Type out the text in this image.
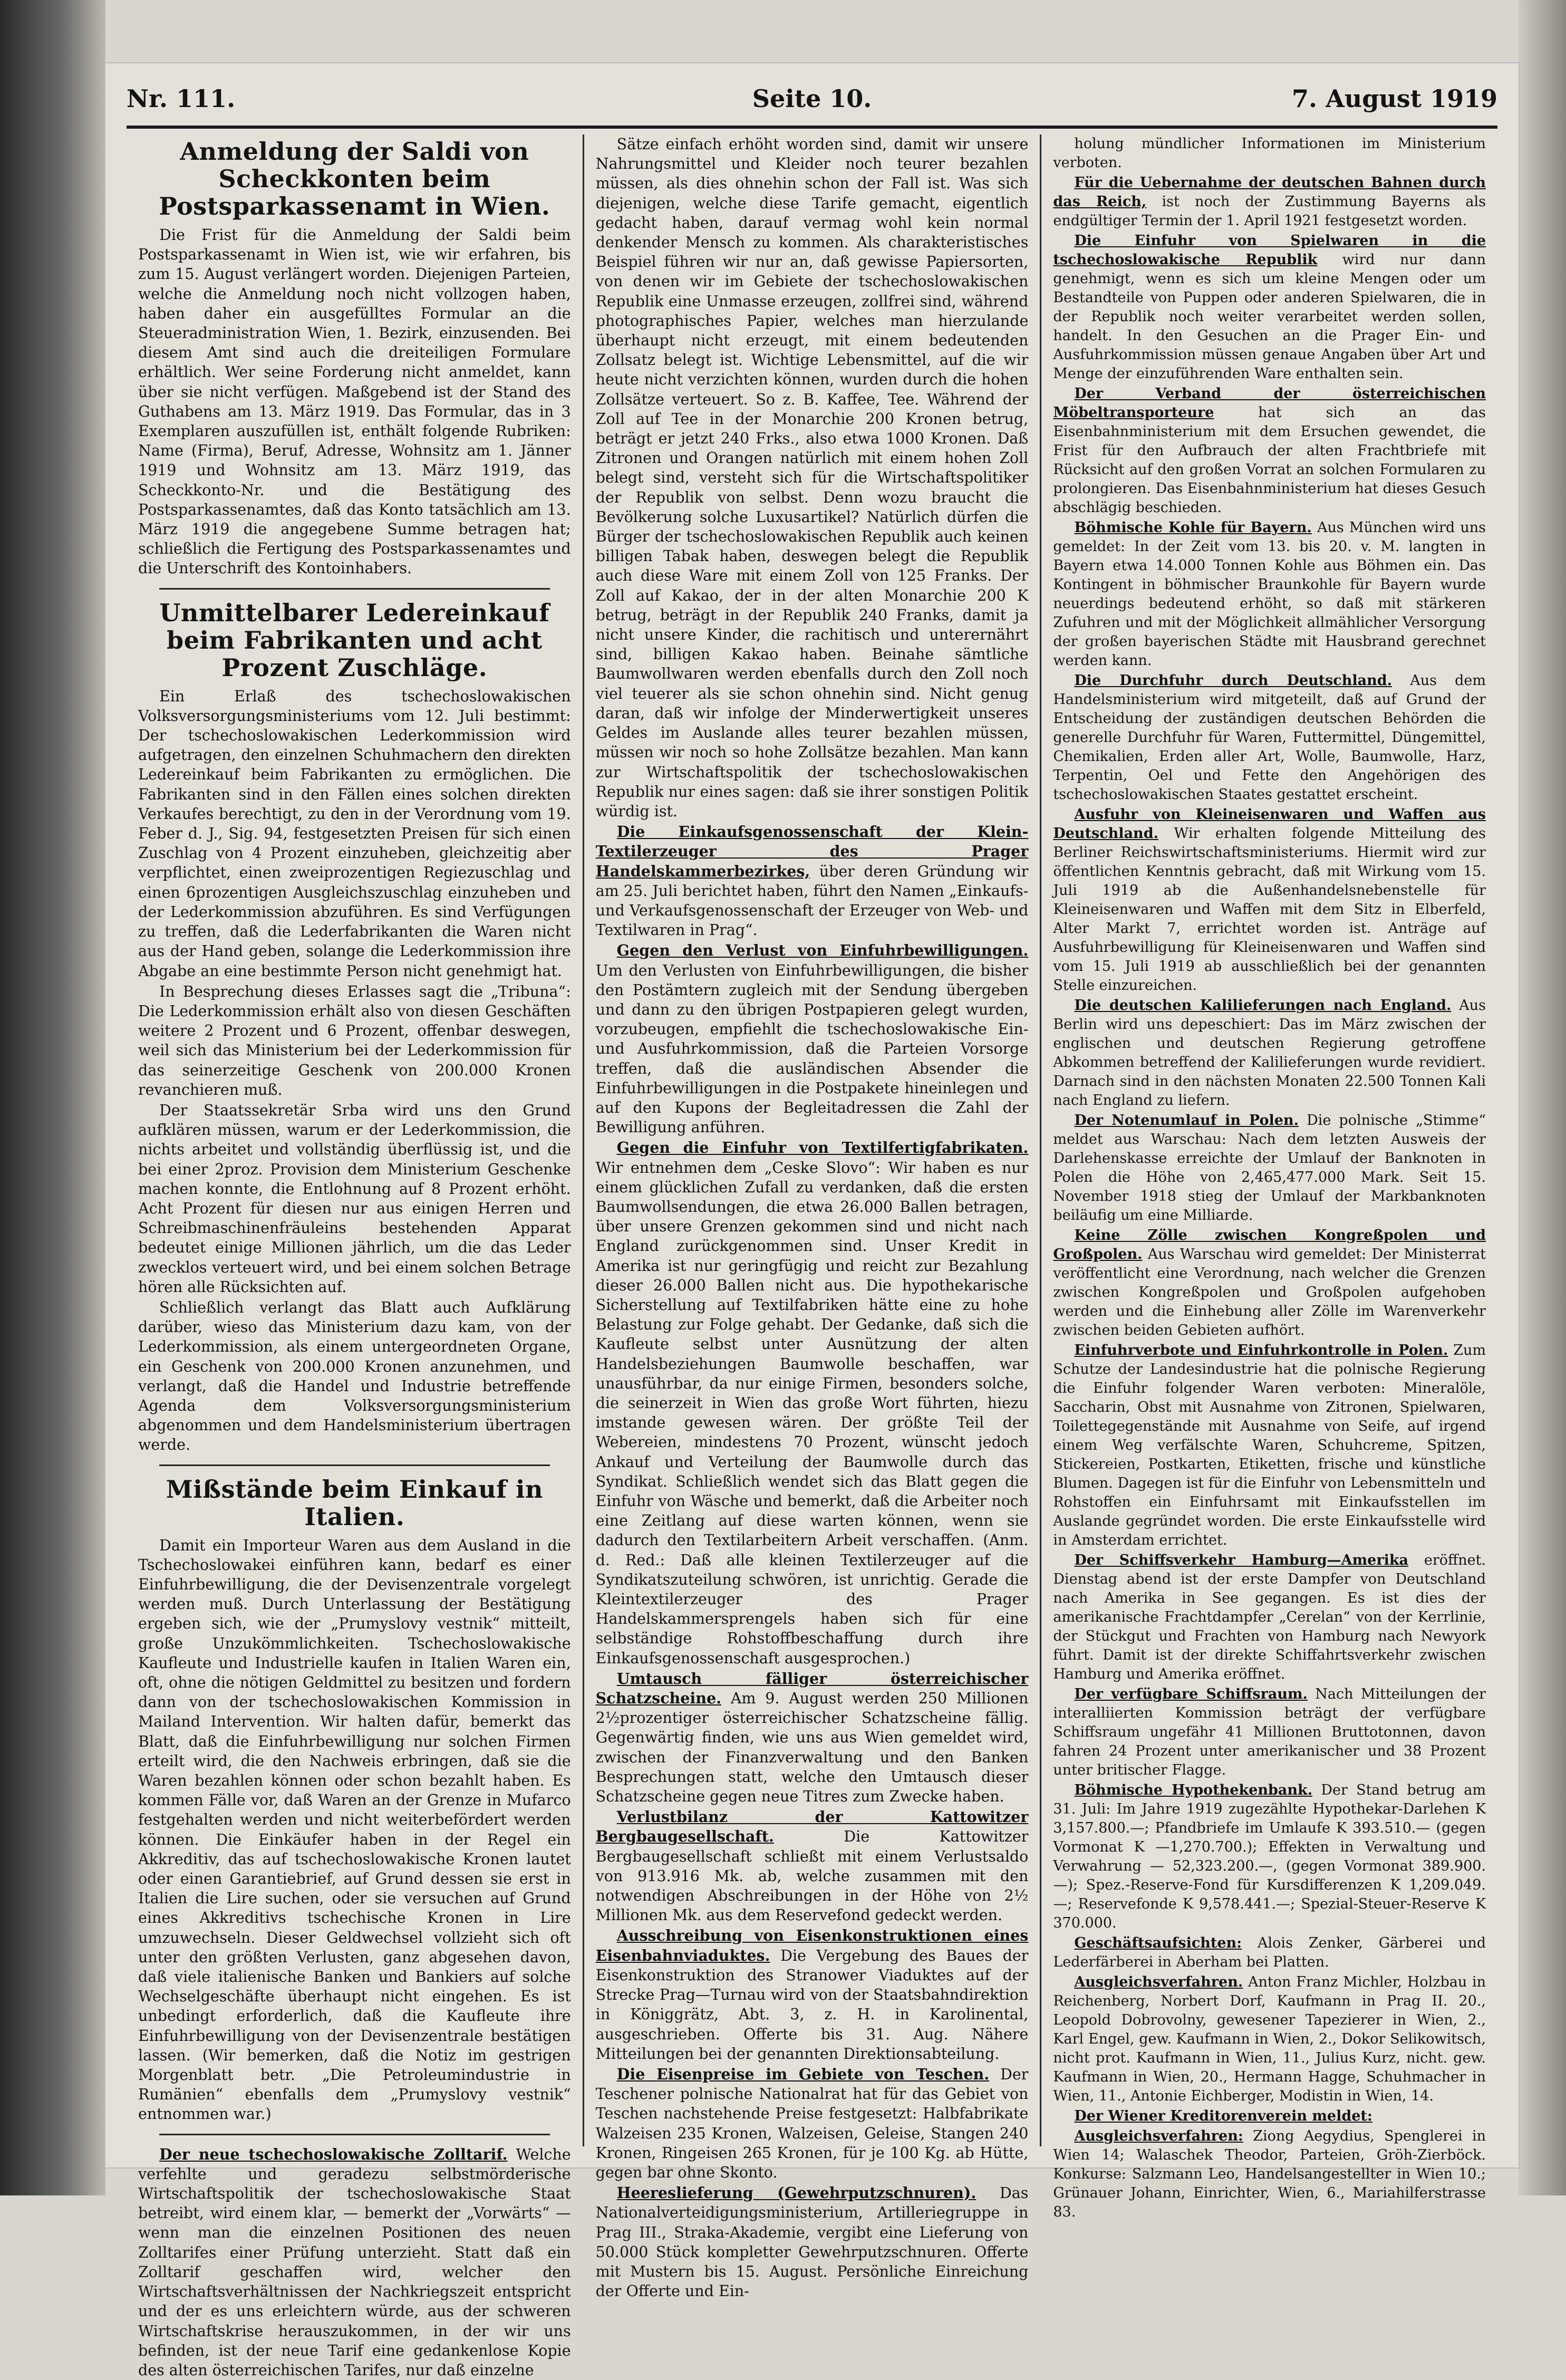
Nr. 111.	Seite 10.	7. August 1919
Anmeldung der Saldi von Scheckkonten beim Postsparkassenamt in Wien.

Die Frist für die Anmeldung der Saldi beim Postsparkassenamt in Wien ist, wie wir erfahren, bis zum 15. August verlängert worden. Diejenigen Parteien, welche die Anmeldung noch nicht vollzogen haben, haben daher ein ausgefülltes Formular an die Steueradministration Wien, 1. Bezirk, einzusenden. Bei diesem Amt sind auch die dreiteiligen Formulare erhältlich. Wer seine Forderung nicht anmeldet, kann über sie nicht verfügen. Maßgebend ist der Stand des Guthabens am 13. März 1919. Das Formular, das in 3 Exemplaren auszufüllen ist, enthält folgende Rubriken: Name (Firma), Beruf, Adresse, Wohnsitz am 1. Jänner 1919 und Wohnsitz am 13. März 1919, das Scheckkonto-Nr. und die Bestätigung des Postsparkassenamtes, daß das Konto tatsächlich am 13. März 1919 die angegebene Summe betragen hat; schließlich die Fertigung des Postsparkassenamtes und die Unterschrift des Kontoinhabers.

Unmittelbarer Ledereinkauf beim Fabrikanten und acht Prozent Zuschläge.

Ein Erlaß des tschechoslowakischen Volksversorgungsministeriums vom 12. Juli bestimmt: Der tschechoslowakischen Lederkommission wird aufgetragen, den einzelnen Schuhmachern den direkten Ledereinkauf beim Fabrikanten zu ermöglichen. Die Fabrikanten sind in den Fällen eines solchen direkten Verkaufes berechtigt, zu den in der Verordnung vom 19. Feber d. J., Sig. 94, festgesetzten Preisen für sich einen Zuschlag von 4 Prozent einzuheben, gleichzeitig aber verpflichtet, einen zweiprozentigen Regiezuschlag und einen 6prozentigen Ausgleichszuschlag einzuheben und der Lederkommission abzuführen. Es sind Verfügungen zu treffen, daß die Lederfabrikanten die Waren nicht aus der Hand geben, solange die Lederkommission ihre Abgabe an eine bestimmte Person nicht genehmigt hat.

In Besprechung dieses Erlasses sagt die „Tribuna“: Die Lederkommission erhält also von diesen Geschäften weitere 2 Prozent und 6 Prozent, offenbar deswegen, weil sich das Ministerium bei der Lederkommission für das seinerzeitige Geschenk von 200.000 Kronen revanchieren muß.

Der Staatssekretär Srba wird uns den Grund aufklären müssen, warum er der Lederkommission, die nichts arbeitet und vollständig überflüssig ist, und die bei einer 2proz. Provision dem Ministerium Geschenke machen konnte, die Entlohnung auf 8 Prozent erhöht. Acht Prozent für diesen nur aus einigen Herren und Schreibmaschinenfräuleins bestehenden Apparat bedeutet einige Millionen jährlich, um die das Leder zwecklos verteuert wird, und bei einem solchen Betrage hören alle Rücksichten auf.

Schließlich verlangt das Blatt auch Aufklärung darüber, wieso das Ministerium dazu kam, von der Lederkommission, als einem untergeordneten Organe, ein Geschenk von 200.000 Kronen anzunehmen, und verlangt, daß die Handel und Industrie betreffende Agenda dem Volksversorgungsministerium abgenommen und dem Handelsministerium übertragen werde.

Mißstände beim Einkauf in Italien.

Damit ein Importeur Waren aus dem Ausland in die Tschechoslowakei einführen kann, bedarf es einer Einfuhrbewilligung, die der Devisenzentrale vorgelegt werden muß. Durch Unterlassung der Bestätigung ergeben sich, wie der „Prumyslovy vestnik“ mitteilt, große Unzukömmlichkeiten. Tschechoslowakische Kaufleute und Industrielle kaufen in Italien Waren ein, oft, ohne die nötigen Geldmittel zu besitzen und fordern dann von der tschechoslowakischen Kommission in Mailand Intervention. Wir halten dafür, bemerkt das Blatt, daß die Einfuhrbewilligung nur solchen Firmen erteilt wird, die den Nachweis erbringen, daß sie die Waren bezahlen können oder schon bezahlt haben. Es kommen Fälle vor, daß Waren an der Grenze in Mufarco festgehalten werden und nicht weiterbefördert werden können. Die Einkäufer haben in der Regel ein Akkreditiv, das auf tschechoslowakische Kronen lautet oder einen Garantiebrief, auf Grund dessen sie erst in Italien die Lire suchen, oder sie versuchen auf Grund eines Akkreditivs tschechische Kronen in Lire umzuwechseln. Dieser Geldwechsel vollzieht sich oft unter den größten Verlusten, ganz abgesehen davon, daß viele italienische Banken und Bankiers auf solche Wechselgeschäfte überhaupt nicht eingehen. Es ist unbedingt erforderlich, daß die Kaufleute ihre Einfuhrbewilligung von der Devisenzentrale bestätigen lassen. (Wir bemerken, daß die Notiz im gestrigen Morgenblatt betr. „Die Petroleumindustrie in Rumänien“ ebenfalls dem „Prumyslovy vestnik“ entnommen war.)

Der neue tschechoslowakische Zolltarif. Welche verfehlte und geradezu selbstmörderische Wirtschaftspolitik der tschechoslowakische Staat betreibt, wird einem klar, — bemerkt der „Vorwärts“ — wenn man die einzelnen Positionen des neuen Zolltarifes einer Prüfung unterzieht. Statt daß ein Zolltarif geschaffen wird, welcher den Wirtschaftsverhältnissen der Nachkriegszeit entspricht und der es uns erleichtern würde, aus der schweren Wirtschaftskrise herauszukommen, in der wir uns befinden, ist der neue Tarif eine gedankenlose Kopie des alten österreichischen Tarifes, nur daß einzelne

Sätze einfach erhöht worden sind, damit wir unsere Nahrungsmittel und Kleider noch teurer bezahlen müssen, als dies ohnehin schon der Fall ist. Was sich diejenigen, welche diese Tarife gemacht, eigentlich gedacht haben, darauf vermag wohl kein normal denkender Mensch zu kommen. Als charakteristisches Beispiel führen wir nur an, daß gewisse Papiersorten, von denen wir im Gebiete der tschechoslowakischen Republik eine Unmasse erzeugen, zollfrei sind, während photographisches Papier, welches man hierzulande überhaupt nicht erzeugt, mit einem bedeutenden Zollsatz belegt ist. Wichtige Lebensmittel, auf die wir heute nicht verzichten können, wurden durch die hohen Zollsätze verteuert. So z. B. Kaffee, Tee. Während der Zoll auf Tee in der Monarchie 200 Kronen betrug, beträgt er jetzt 240 Frks., also etwa 1000 Kronen. Daß Zitronen und Orangen natürlich mit einem hohen Zoll belegt sind, versteht sich für die Wirtschaftspolitiker der Republik von selbst. Denn wozu braucht die Bevölkerung solche Luxusartikel? Natürlich dürfen die Bürger der tschechoslowakischen Republik auch keinen billigen Tabak haben, deswegen belegt die Republik auch diese Ware mit einem Zoll von 125 Franks. Der Zoll auf Kakao, der in der alten Monarchie 200 K betrug, beträgt in der Republik 240 Franks, damit ja nicht unsere Kinder, die rachitisch und unterernährt sind, billigen Kakao haben. Beinahe sämtliche Baumwollwaren werden ebenfalls durch den Zoll noch viel teuerer als sie schon ohnehin sind. Nicht genug daran, daß wir infolge der Minderwertigkeit unseres Geldes im Auslande alles teurer bezahlen müssen, müssen wir noch so hohe Zollsätze bezahlen. Man kann zur Wirtschaftspolitik der tschechoslowakischen Republik nur eines sagen: daß sie ihrer sonstigen Politik würdig ist.

Die Einkaufsgenossenschaft der Klein-Textilerzeuger des Prager Handelskammerbezirkes, über deren Gründung wir am 25. Juli berichtet haben, führt den Namen „Einkaufs- und Verkaufsgenossenschaft der Erzeuger von Web- und Textilwaren in Prag“.

Gegen den Verlust von Einfuhrbewilligungen. Um den Verlusten von Einfuhrbewilligungen, die bisher den Postämtern zugleich mit der Sendung übergeben und dann zu den übrigen Postpapieren gelegt wurden, vorzubeugen, empfiehlt die tschechoslowakische Ein- und Ausfuhrkommission, daß die Parteien Vorsorge treffen, daß die ausländischen Absender die Einfuhrbewilligungen in die Postpakete hineinlegen und auf den Kupons der Begleitadressen die Zahl der Bewilligung anführen.

Gegen die Einfuhr von Textilfertigfabrikaten. Wir entnehmen dem „Ceske Slovo“: Wir haben es nur einem glücklichen Zufall zu verdanken, daß die ersten Baumwollsendungen, die etwa 26.000 Ballen betragen, über unsere Grenzen gekommen sind und nicht nach England zurückgenommen sind. Unser Kredit in Amerika ist nur geringfügig und reicht zur Bezahlung dieser 26.000 Ballen nicht aus. Die hypothekarische Sicherstellung auf Textilfabriken hätte eine zu hohe Belastung zur Folge gehabt. Der Gedanke, daß sich die Kaufleute selbst unter Ausnützung der alten Handelsbeziehungen Baumwolle beschaffen, war unausführbar, da nur einige Firmen, besonders solche, die seinerzeit in Wien das große Wort führten, hiezu imstande gewesen wären. Der größte Teil der Webereien, mindestens 70 Prozent, wünscht jedoch Ankauf und Verteilung der Baumwolle durch das Syndikat. Schließlich wendet sich das Blatt gegen die Einfuhr von Wäsche und bemerkt, daß die Arbeiter noch eine Zeitlang auf diese warten können, wenn sie dadurch den Textilarbeitern Arbeit verschaffen. (Anm. d. Red.: Daß alle kleinen Textilerzeuger auf die Syndikatszuteilung schwören, ist unrichtig. Gerade die Kleintextilerzeuger des Prager Handelskammersprengels haben sich für eine selbständige Rohstoffbeschaffung durch ihre Einkaufsgenossenschaft ausgesprochen.)

Umtausch fälliger österreichischer Schatzscheine. Am 9. August werden 250 Millionen 2½prozentiger österreichischer Schatzscheine fällig. Gegenwärtig finden, wie uns aus Wien gemeldet wird, zwischen der Finanzverwaltung und den Banken Besprechungen statt, welche den Umtausch dieser Schatzscheine gegen neue Titres zum Zwecke haben.

Verlustbilanz der Kattowitzer Bergbaugesellschaft.	Die Kattowitzer Bergbaugesellschaft schließt mit einem Verlustsaldo von 913.916 Mk. ab, welche zusammen mit den notwendigen Abschreibungen in der Höhe von 2½ Millionen Mk. aus dem Reservefond gedeckt werden.

Ausschreibung von Eisenkonstruktionen eines Eisenbahnviaduktes. Die Vergebung des Baues der Eisenkonstruktion des Stranower Viaduktes auf der Strecke Prag—Turnau wird von der Staatsbahndirektion in Königgrätz, Abt. 3, z. H. in Karolinental, ausgeschrieben. Offerte bis 31. Aug. Nähere Mitteilungen bei der genannten Direktionsabteilung.

Die Eisenpreise im Gebiete von Teschen. Der Teschener polnische Nationalrat hat für das Gebiet von Teschen nachstehende Preise festgesetzt: Halbfabrikate Walzeisen 235 Kronen, Walzeisen, Geleise, Stangen 240 Kronen, Ringeisen 265 Kronen, für je 100 Kg. ab Hütte, gegen bar ohne Skonto.

Heereslieferung (Gewehrputzschnuren). Das Nationalverteidigungsministerium, Artilleriegruppe in Prag III., Straka-Akademie, vergibt eine Lieferung von 50.000 Stück kompletter Gewehrputzschnuren. Offerte mit Mustern bis 15. August. Persönliche Einreichung der Offerte und Ein-

holung mündlicher Informationen im Ministerium verboten.

Für die Uebernahme der deutschen Bahnen durch das Reich, ist noch der Zustimmung Bayerns als endgültiger Termin der 1. April 1921 festgesetzt worden.

Die Einfuhr von Spielwaren in die tschechoslowakische Republik wird nur dann genehmigt, wenn es sich um kleine Mengen oder um Bestandteile von Puppen oder anderen Spielwaren, die in der Republik noch weiter verarbeitet werden sollen, handelt. In den Gesuchen an die Prager Ein- und Ausfuhrkommission müssen genaue Angaben über Art und Menge der einzuführenden Ware enthalten sein.

Der Verband der österreichischen Möbeltransporteure	hat sich an das Eisenbahnministerium mit dem Ersuchen gewendet, die Frist für den Aufbrauch der alten Frachtbriefe mit Rücksicht auf den großen Vorrat an solchen Formularen zu prolongieren. Das Eisenbahnministerium hat dieses Gesuch abschlägig beschieden.

Böhmische Kohle für Bayern. Aus München wird uns gemeldet: In der Zeit vom 13. bis 20. v. M. langten in Bayern etwa 14.000 Tonnen Kohle aus Böhmen ein. Das Kontingent in böhmischer Braunkohle für Bayern wurde neuerdings bedeutend erhöht, so daß mit stärkeren Zufuhren und mit der Möglichkeit allmählicher Versorgung der großen bayerischen Städte mit Hausbrand gerechnet werden kann.

Die Durchfuhr durch Deutschland. Aus dem Handelsministerium wird mitgeteilt, daß auf Grund der Entscheidung der zuständigen deutschen Behörden die generelle Durchfuhr für Waren, Futtermittel, Düngemittel, Chemikalien, Erden aller Art, Wolle, Baumwolle, Harz, Terpentin, Oel und Fette den Angehörigen des tschechoslowakischen Staates gestattet erscheint.

Ausfuhr von Kleineisenwaren und Waffen aus Deutschland. Wir erhalten folgende Mitteilung des Berliner Reichswirtschaftsministeriums. Hiermit wird zur öffentlichen Kenntnis gebracht, daß mit Wirkung vom 15. Juli 1919 ab die Außenhandelsnebenstelle für Kleineisenwaren und Waffen mit dem Sitz in Elberfeld, Alter Markt 7, errichtet worden ist. Anträge auf Ausfuhrbewilligung für Kleineisenwaren und Waffen sind vom 15. Juli 1919 ab ausschließlich bei der genannten Stelle einzureichen.

Die deutschen Kalilieferungen nach England. Aus Berlin wird uns depeschiert: Das im März zwischen der englischen und deutschen Regierung getroffene Abkommen betreffend der Kalilieferungen wurde revidiert. Darnach sind in den nächsten Monaten 22.500 Tonnen Kali nach England zu liefern.

Der Notenumlauf in Polen. Die polnische „Stimme“ meldet aus Warschau: Nach dem letzten Ausweis der Darlehenskasse erreichte der Umlauf der Banknoten in Polen die Höhe von 2,465,477.000 Mark. Seit 15. November 1918 stieg der Umlauf der Markbanknoten beiläufig um eine Milliarde.

Keine Zölle zwischen Kongreßpolen und Großpolen. Aus Warschau wird gemeldet: Der Ministerrat veröffentlicht eine Verordnung, nach welcher die Grenzen zwischen Kongreßpolen und Großpolen aufgehoben werden und die Einhebung aller Zölle im Warenverkehr zwischen beiden Gebieten aufhört.

Einfuhrverbote und Einfuhrkontrolle in Polen. Zum Schutze der Landesindustrie hat die polnische Regierung die Einfuhr folgender Waren verboten: Mineralöle, Saccharin, Obst mit Ausnahme von Zitronen, Spielwaren, Toilettegegenstände mit Ausnahme von Seife, auf irgend einem Weg verfälschte Waren, Schuhcreme, Spitzen, Stickereien, Postkarten, Etiketten, frische und künstliche Blumen. Dagegen ist für die Einfuhr von Lebensmitteln und Rohstoffen ein Einfuhrsamt mit Einkaufsstellen im Auslande gegründet worden. Die erste Einkaufsstelle wird in Amsterdam errichtet.

Der Schiffsverkehr Hamburg—Amerika eröffnet. Dienstag abend ist der erste Dampfer von Deutschland nach Amerika in See gegangen. Es ist dies der amerikanische Frachtdampfer „Cerelan“ von der Kerrlinie, der Stückgut und Frachten von Hamburg nach Newyork führt. Damit ist der direkte Schiffahrtsverkehr zwischen Hamburg und Amerika eröffnet.

Der verfügbare Schiffsraum. Nach Mitteilungen der interalliierten Kommission beträgt der verfügbare Schiffsraum ungefähr 41 Millionen Bruttotonnen, davon fahren 24 Prozent unter amerikanischer und 38 Prozent unter britischer Flagge.

Böhmische Hypothekenbank. Der Stand betrug am 31. Juli: Im Jahre 1919 zugezählte Hypothekar-Darlehen K 3,157.800.—; Pfandbriefe im Umlaufe K 393.510.— (gegen Vormonat K —1,270.700.); Effekten in Verwaltung und Verwahrung — 52,323.200.—, (gegen Vormonat 389.900.—); Spez.-Reserve-Fond für Kursdifferenzen K 1,209.049.—; Reservefonde K 9,578.441.—; Spezial-Steuer-Reserve K 370.000.

Geschäftsaufsichten: Alois Zenker, Gärberei und Lederfärberei in Aberham bei Platten.

Ausgleichsverfahren. Anton Franz Michler, Holzbau in Reichenberg, Norbert Dorf, Kaufmann in Prag II. 20., Leopold Dobrovolny, gewesener Tapezierer in Wien, 2., Karl Engel, gew. Kaufmann in Wien, 2., Dokor Selikowitsch, nicht prot. Kaufmann in Wien, 11., Julius Kurz, nicht. gew. Kaufmann in Wien, 20., Hermann Hagge, Schuhmacher in Wien, 11., Antonie Eichberger, Modistin in Wien, 14.

Der Wiener Kreditorenverein meldet:

Ausgleichsverfahren: Ziong Aegydius, Spenglerei in Wien 14; Walaschek Theodor, Parteien, Gröh-Zierböck. Konkurse: Salzmann Leo, Handelsangestellter in Wien 10.; Grünauer Johann, Einrichter, Wien, 6., Mariahilferstrasse 83.
